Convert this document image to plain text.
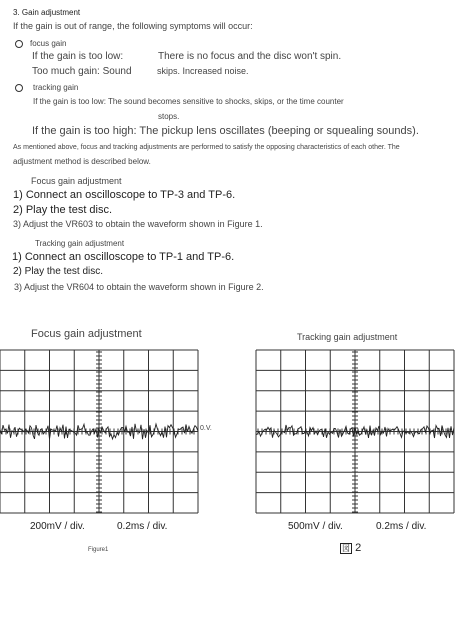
3. Gain adjustment
If the gain is out of range, the following symptoms will occur:
focus gain
If the gain is too low:	There is no focus and the disc won't spin.
Too much gain: Sound	skips. Increased noise.
tracking gain
If the gain is too low: The sound becomes sensitive to shocks, skips, or the time counter
stops.
If the gain is too high: The pickup lens oscillates (beeping or squealing sounds).
As mentioned above, focus and tracking adjustments are performed to satisfy the opposing characteristics of each other. The
adjustment method is described below.
Focus gain adjustment
1) Connect an oscilloscope to TP-3 and TP-6.
2) Play the test disc.
3) Adjust the VR603 to obtain the waveform shown in Figure 1.
Tracking gain adjustment
1) Connect an oscilloscope to TP-1 and TP-6.
2) Play the test disc.
3) Adjust the VR604 to obtain the waveform shown in Figure 2.
Focus gain adjustment	Tracking gain adjustment
0.V.
200mV / div.	0.2ms / div.	500mV / div.	0.2ms / div.
Figure1	図 2
